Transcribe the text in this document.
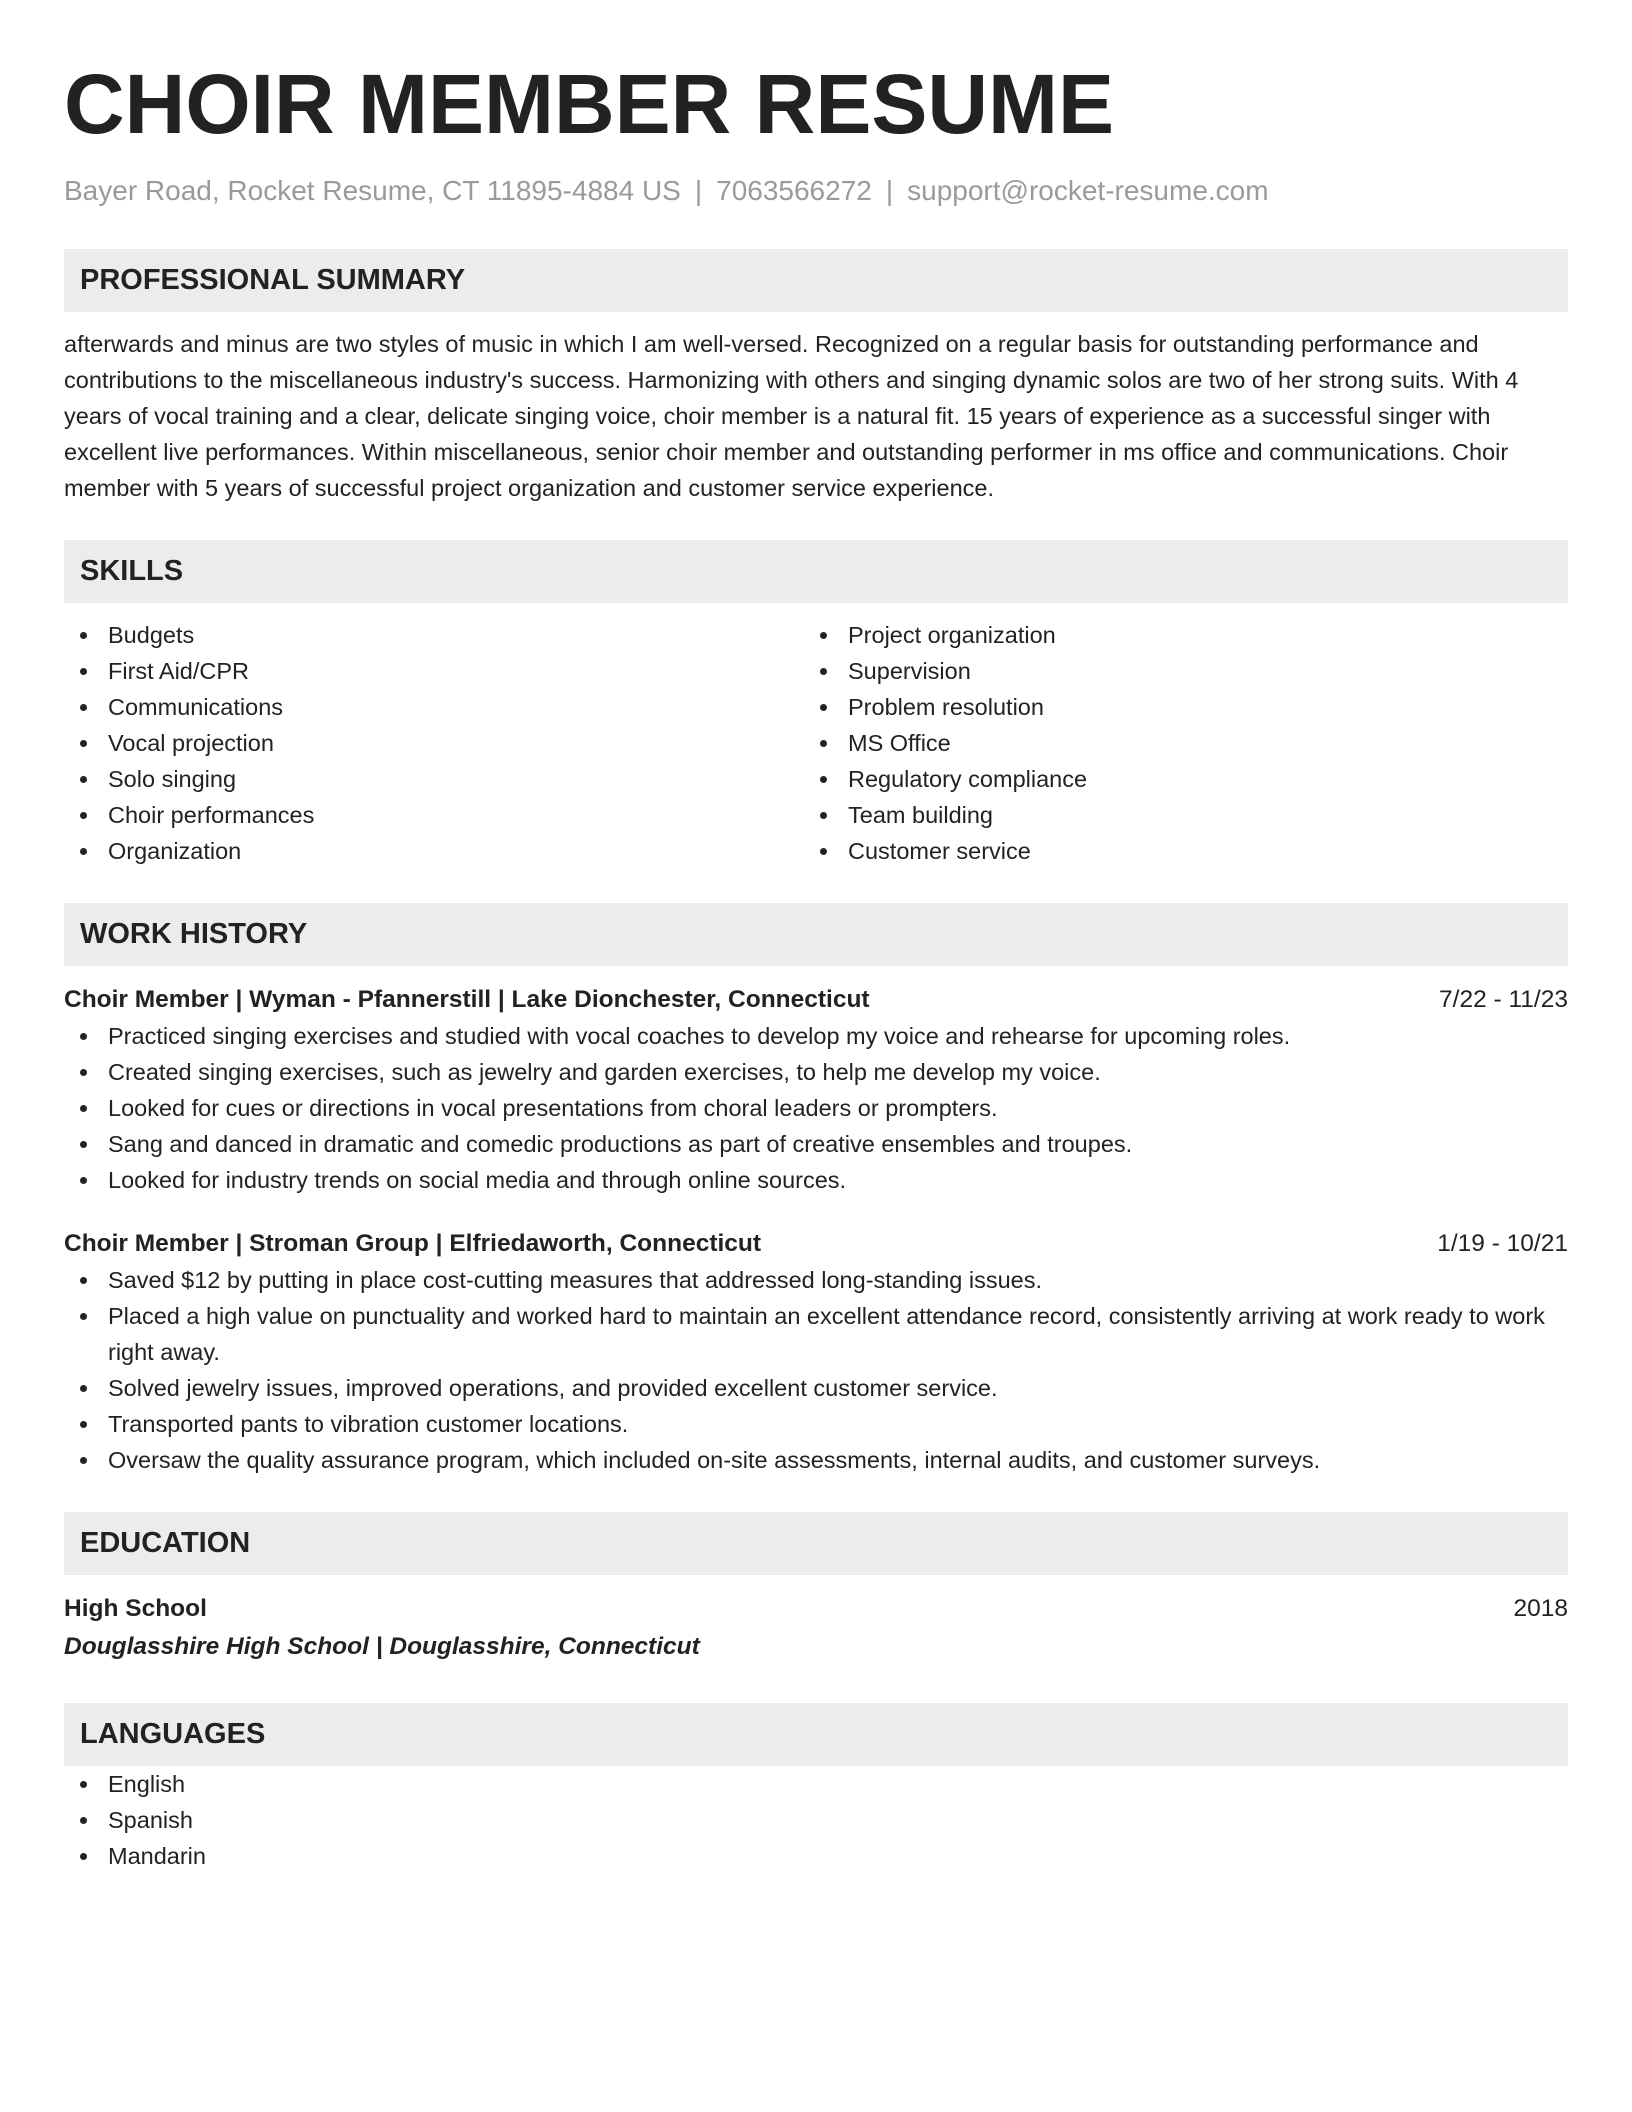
CHOIR MEMBER RESUME
Bayer Road, Rocket Resume, CT 11895-4884 US | 7063566272 | support@rocket-resume.com
PROFESSIONAL SUMMARY
afterwards and minus are two styles of music in which I am well-versed. Recognized on a regular basis for outstanding performance and contributions to the miscellaneous industry's success. Harmonizing with others and singing dynamic solos are two of her strong suits. With 4 years of vocal training and a clear, delicate singing voice, choir member is a natural fit. 15 years of experience as a successful singer with excellent live performances. Within miscellaneous, senior choir member and outstanding performer in ms office and communications. Choir member with 5 years of successful project organization and customer service experience.
SKILLS
Budgets
First Aid/CPR
Communications
Vocal projection
Solo singing
Choir performances
Organization
Project organization
Supervision
Problem resolution
MS Office
Regulatory compliance
Team building
Customer service
WORK HISTORY
Choir Member | Wyman - Pfannerstill | Lake Dionchester, Connecticut	7/22 - 11/23
Practiced singing exercises and studied with vocal coaches to develop my voice and rehearse for upcoming roles.
Created singing exercises, such as jewelry and garden exercises, to help me develop my voice.
Looked for cues or directions in vocal presentations from choral leaders or prompters.
Sang and danced in dramatic and comedic productions as part of creative ensembles and troupes.
Looked for industry trends on social media and through online sources.
Choir Member | Stroman Group | Elfriedaworth, Connecticut	1/19 - 10/21
Saved $12 by putting in place cost-cutting measures that addressed long-standing issues.
Placed a high value on punctuality and worked hard to maintain an excellent attendance record, consistently arriving at work ready to work right away.
Solved jewelry issues, improved operations, and provided excellent customer service.
Transported pants to vibration customer locations.
Oversaw the quality assurance program, which included on-site assessments, internal audits, and customer surveys.
EDUCATION
High School	2018
Douglasshire High School | Douglasshire, Connecticut
LANGUAGES
English
Spanish
Mandarin
